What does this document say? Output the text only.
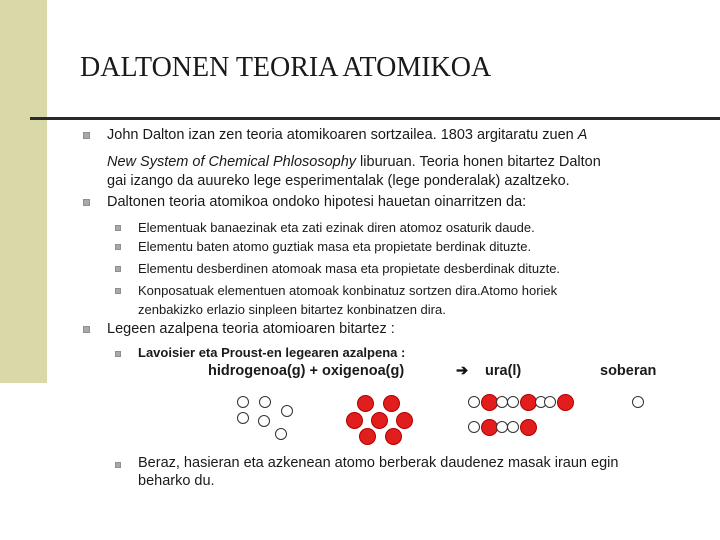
DALTONEN TEORIA ATOMIKOA
John Dalton izan zen teoria atomikoaren sortzailea. 1803 argitaratu zuen A
New System of Chemical Phlososophy liburuan. Teoria honen bitartez Dalton
gai izango da auureko lege esperimentalak (lege ponderalak) azaltzeko.
Daltonen teoria atomikoa ondoko hipotesi hauetan oinarritzen da:
Elementuak banaezinak eta zati ezinak diren atomoz osaturik daude.
Elementu baten atomo guztiak masa eta propietate berdinak dituzte.
Elementu desberdinen atomoak masa eta propietate desberdinak dituzte.
Konposatuak elementuen atomoak konbinatuz sortzen dira.Atomo horiek
zenbakizko erlazio sinpleen bitartez konbinatzen dira.
Legeen azalpena teoria atomioaren bitartez :
Lavoisier eta Proust-en legearen azalpena :
hidrogenoa(g) + oxigenoa(g)	➔ ura(l)	soberan
Beraz, hasieran eta azkenean atomo berberak daudenez masak iraun egin
beharko du.
